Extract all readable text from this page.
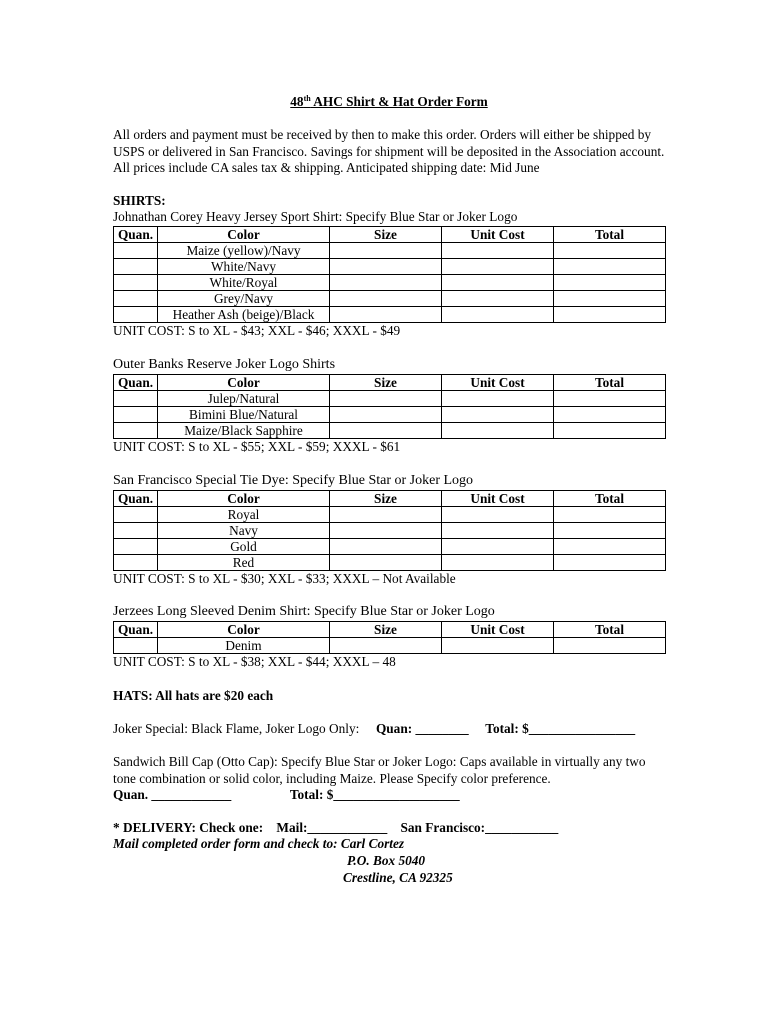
48th AHC Shirt & Hat Order Form

All orders and payment must be received by then to make this order. Orders will either be shipped by USPS or delivered in San Francisco. Savings for shipment will be deposited in the Association account. All prices include CA sales tax & shipping. Anticipated shipping date: Mid June

SHIRTS:

Johnathan Corey Heavy Jersey Sport Shirt: Specify Blue Star or Joker Logo

Quan.	Color	Size	Unit Cost	Total
	Maize (yellow)/Navy			
	White/Navy			
	White/Royal			
	Grey/Navy			
	Heather Ash (beige)/Black			

UNIT COST: S to XL - $43; XXL - $46; XXXL - $49

Outer Banks Reserve Joker Logo Shirts

Quan.	Color	Size	Unit Cost	Total
	Julep/Natural			
	Bimini Blue/Natural			
	Maize/Black Sapphire			

UNIT COST: S to XL - $55; XXL - $59; XXXL - $61

San Francisco Special Tie Dye: Specify Blue Star or Joker Logo

Quan.	Color	Size	Unit Cost	Total
	Royal			
	Navy			
	Gold			
	Red			

UNIT COST: S to XL - $30; XXL - $33; XXXL – Not Available

Jerzees Long Sleeved Denim Shirt: Specify Blue Star or Joker Logo

Quan.	Color	Size	Unit Cost	Total
	Denim			

UNIT COST: S to XL - $38; XXL - $44; XXXL – 48

HATS: All hats are $20 each

Joker Special: Black Flame, Joker Logo Only: Quan: ________ Total: $________________

Sandwich Bill Cap (Otto Cap): Specify Blue Star or Joker Logo: Caps available in virtually any two tone combination or solid color, including Maize. Please Specify color preference.

Quan. ____________	Total: $___________________

* DELIVERY: Check one: Mail:____________ San Francisco:___________

Mail completed order form and check to: Carl Cortez

P.O. Box 5040

Crestline, CA 92325
